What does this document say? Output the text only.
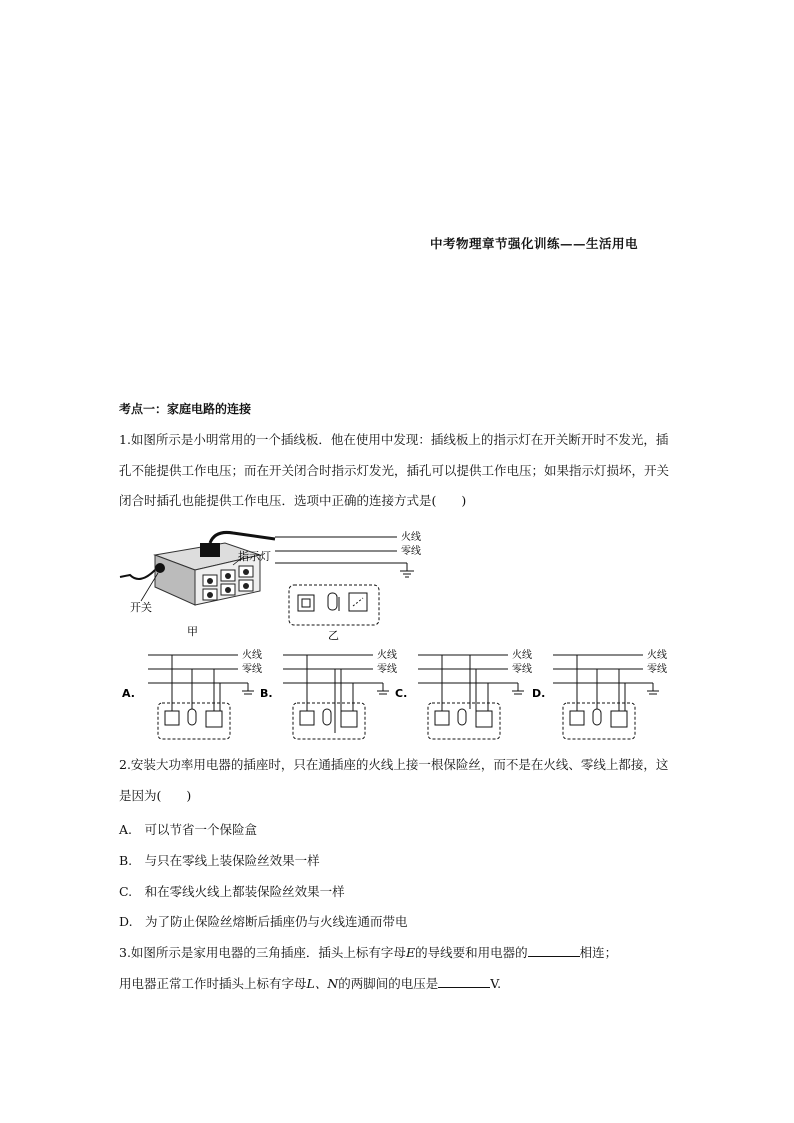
中考物理章节强化训练——生活用电
考点一：家庭电路的连接
1.如图所示是小明常用的一个插线板．他在使用中发现：插线板上的指示灯在开关断开时不发光，插孔不能提供工作电压；而在开关闭合时指示灯发光，插孔可以提供工作电压；如果指示灯损坏，开关闭合时插孔也能提供工作电压．选项中正确的连接方式是(　　)
指示灯
开关
甲
火线
零线
乙
火线
零线
火线
零线
火线
零线
火线
零线
A.	B.	C.	D.
2.安装大功率用电器的插座时，只在通插座的火线上接一根保险丝，而不是在火线、零线上都接，这是因为(　　)
A.　可以节省一个保险盒
B.　与只在零线上装保险丝效果一样
C.　和在零线火线上都装保险丝效果一样
D.　为了防止保险丝熔断后插座仍与火线连通而带电
3.如图所示是家用电器的三角插座．插头上标有字母E的导线要和用电器的	相连；
用电器正常工作时插头上标有字母L、N的两脚间的电压是	V.
